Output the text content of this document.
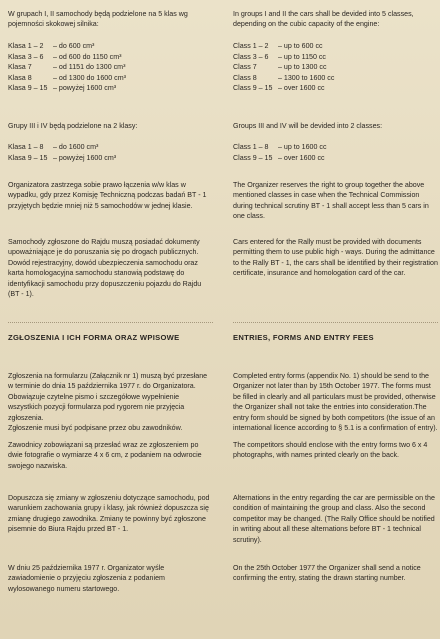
W grupach I, II samochody będą podzielone na 5 klas wg pojemności skokowej silnika:

Klasa 1 – 2	– do 600 cm³
Klasa 3 – 6	– od 600 do 1150 cm³
Klasa 7	– od 1151 do 1300 cm³
Klasa 8	– od 1300 do 1600 cm³
Klasa 9 – 15 – powyżej 1600 cm³

Grupy III i IV będą podzielone na 2 klasy:

Klasa 1 – 8	– do 1600 cm³
Klasa 9 – 15 – powyżej 1600 cm³

Organizatora zastrzega sobie prawo łączenia w/w klas w wypadku, gdy przez Komisję Techniczną podczas badań BT - 1 przyjętych będzie mniej niż 5 samochodów w jednej klasie.

Samochody zgłoszone do Rajdu muszą posiadać dokumenty upoważniające je do poruszania się po drogach publicznych. Dowód rejestracyjny, dowód ubezpieczenia samochodu oraz karta homologacyjna samochodu stanowią podstawę do identyfikacji samochodu przy dopuszczeniu pojazdu do Rajdu (BT - 1).

ZGŁOSZENIA I ICH FORMA ORAZ WPISOWE

Zgłoszenia na formularzu (Załącznik nr 1) muszą być przesłane w terminie do dnia 15 października 1977 r. do Organizatora. Obowiązuje czytelne pismo i szczegółowe wypełnienie wszystkich pozycji formularza pod rygorem nie przyjęcia zgłoszenia.

Zgłoszenie musi być podpisane przez obu zawodników.

Zawodnicy zobowiązani są przesłać wraz ze zgłoszeniem po dwie fotografie o wymiarze 4 x 6 cm, z podaniem na odwrocie swojego nazwiska.

Dopuszcza się zmiany w zgłoszeniu dotyczące samochodu, pod warunkiem zachowania grupy i klasy, jak również dopuszcza się zmianę drugiego zawodnika. Zmiany te powinny być zgłoszone pisemnie do Biura Rajdu przed BT - 1.

W dniu 25 października 1977 r. Organizator wyśle zawiadomienie o przyjęciu zgłoszenia z podaniem wylosowanego numeru startowego.

In groups I and II the cars shall be devided into 5 classes, depending on the cubic capacity of the engine:

Class 1 – 2	– up to 600 cc
Class 3 – 6	– up to 1150 cc
Class 7	– up to 1300 cc
Class 8	– 1300 to 1600 cc
Class 9 – 15 – over 1600 cc

Groups III and IV will be devided into 2 classes:

Class 1 – 8	– up to 1600 cc
Class 9 – 15 – over 1600 cc

The Organizer reserves the right to group together the above mentioned classes in case when the Technical Commission during technical scrutiny BT - 1 shall accept less than 5 cars in one class.

Cars entered for the Rally must be provided with documents permitting them to use public high - ways. During the admittance to the Rally BT - 1, the cars shall be identified by their registration certificate, insurance and homologation card of the car.

ENTRIES, FORMS AND ENTRY FEES

Completed entry forms (appendix No. 1) should be send to the Organizer not later than by 15th October 1977. The forms must be filled in clearly and all particulars must be provided, otherwise the Organizer shall not take the entries into consideration.The entry form should be signed by both competitors (the issue of an international licence according to § 5.1 is a confirmation of entry).

The competitors should enclose with the entry forms two 6 x 4 photographs, with names printed clearly on the back.

Alternations in the entry regarding the car are permissible on the condition of maintaining the group and class. Also the second competitor may be changed. (The Rally Office should be notified in writing about all these alternations before BT - 1 technical scrutiny).

On the 25th October 1977 the Organizer shall send a notice confirming the entry, stating the drawn starting number.
